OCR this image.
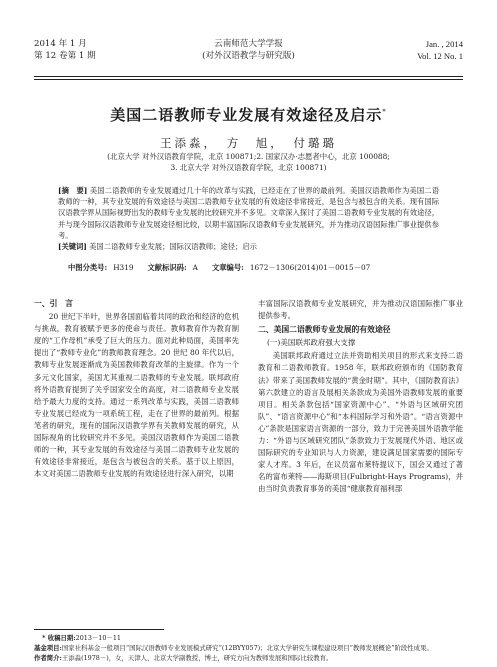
2014 年 1 月
第 12 卷第 1 期
云南师范大学学报
(对外汉语教学与研究版)
Jan. , 2014
Vol. 12 No. 1
美国二语教师专业发展有效途径及启示*
王添淼，　方　旭，　付璐璐
(北京大学 对外汉语教育学院，北京 100871;2. 国家汉办·志愿者中心，北京 100088;
3. 北京大学 对外汉语教育学院，北京 100871)
[摘　要] 美国二语教师的专业发展通过几十年的改革与实践，已经走在了世界的最前列。美国汉语教师作为美国二语教师的一种，其专业发展的有效途径与美国二语教师专业发展的有效途径非常接近，是包含与被包含的关系。现有国际汉语教学界从国际视野出发的教师专业发展的比较研究并不多见。文章深入探讨了美国二语教师专业发展的有效途径，并与现今国际汉语教师专业发展途径相比较，以期丰富国际汉语教师专业发展研究，并为推动汉语国际推广事业提供参考。
[关键词] 美国二语教师专业发展；国际汉语教师；途径；启示
中图分类号: H319 文献标识码: A 文章编号: 1672－1306(2014)01－0015－07

一、引　言

20 世纪下半叶，世界各国面临着共同的政治和经济的危机与挑战，教育被赋予更多的使命与责任。教师教育作为教育制度的“工作母机”承受了巨大的压力。面对此种局面，美国率先提出了“教师专业化”的教师教育理念。20 世纪 80 年代以后，教师专业发展逐渐成为美国教师教育改革的主旋律。作为一个多元文化国家，美国尤其重视二语教师的专业发展。联邦政府将外语教育提到了关乎国家安全的高度，对二语教师专业发展给予最大力度的支持。通过一系列改革与实践，美国二语教师专业发展已经成为一项系统工程，走在了世界的最前列。根据笔者的研究，现有的国际汉语教学界有关教师发展的研究，从国际视角的比较研究并不多见。美国汉语教师作为美国二语教师的一种，其专业发展的有效途径与美国二语教师专业发展的有效途径非常接近，是包含与被包含的关系。基于以上原因，本文对美国二语教师专业发展的有效途径进行深入研究，以期

丰富国际汉语教师专业发展研究，并为推动汉语国际推广事业提供参考。

二、美国二语教师专业发展的有效途径

(一)美国联邦政府强大支撑

美国联邦政府通过立法并资助相关项目的形式来支持二语教育和二语教师教育。1958 年，联邦政府颁布的《国防教育法》带来了美国教师发展的“黄金时期”。其中，《国防教育法》第六款建立的语言及展相关条款成为美国外语教师发展的重要项目。相关条款包括“国家资源中心”、“外语与区域研究团队”、“语言资源中心”和“本科国际学习和外语”。“语言资源中心”条款是国家语言资源的一部分，致力于完善美国外语教学能力：“外语与区域研究团队”条款致力于发展现代外语、地区或国际研究的专业知识与人力资源，建设满足国家需要的国际专家人才库。3 年后，在议员富布莱特提议下，国会又通过了著名的富布莱特——海斯项目(Fulbright-Hays Programs)，并由当时负责教育事务的美国“健康教育福利部

* 收稿日期:2013－10－11
基金项目:国家社科基金一般项目“国际汉语教师专业发展模式研究”(12BYY057)；北京大学研究生课程建设项目“教师发展概论”阶段性成果。
作者简介:王添淼(1978－)，女，天津人，北京大学副教授，博士，研究方向为教师发展和国际比较教育。
